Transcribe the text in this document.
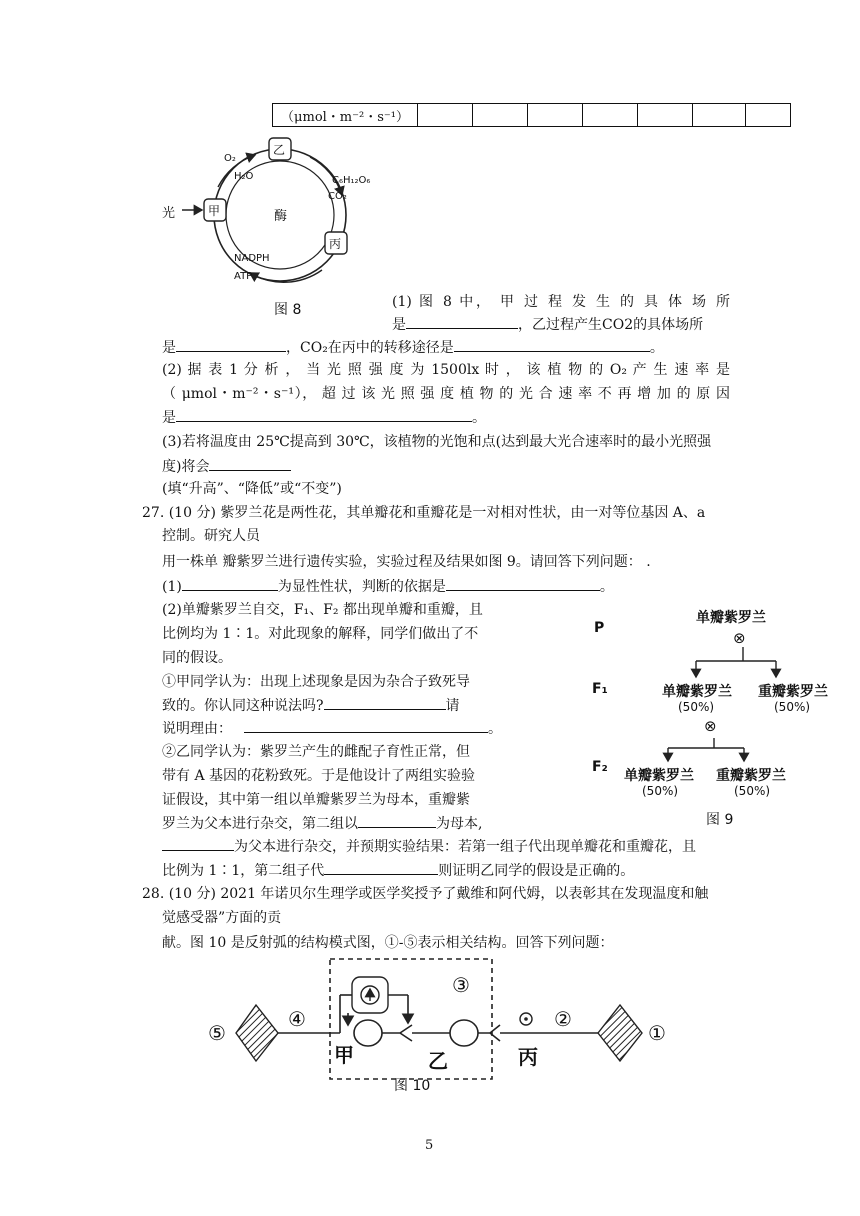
（μmol・m⁻²・s⁻¹）							
光	甲
乙
丙
酶
O₂
H₂O	C₆H₁₂O₆
CO₂
NADPH
ATP
图 8	(1) 图 8 中， 甲 过 程 发 生 的 具 体 场 所
是	，乙过程产生CO2的具体场所
是	，CO₂在丙中的转移途径是	。
(2) 据 表 1 分 析 ， 当 光 照 强 度 为 1500lx 时 ， 该 植 物 的 O₂ 产 生 速 率 是
（ μmol・m⁻²・s⁻¹）， 超 过 该 光 照 强 度 植 物 的 光 合 速 率 不 再 增 加 的 原 因
是	。
(3)若将温度由 25℃提高到 30℃，该植物的光饱和点(达到最大光合速率时的最小光照强
度)将会
(填“升高”、“降低”或“不变”)
27. (10 分) 紫罗兰花是两性花，其单瓣花和重瓣花是一对相对性状，由一对等位基因 A、a
控制。研究人员
用一株单 瓣紫罗兰进行遗传实验，实验过程及结果如图 9。请回答下列问题： .
(1)	为显性性状，判断的依据是	。
(2)单瓣紫罗兰自交，F₁、F₂ 都出现单瓣和重瓣，且
比例均为 1∶1。对此现象的解释，同学们做出了不
同的假设。
①甲同学认为：出现上述现象是因为杂合子致死导
致的。你认同这种说法吗?	请
说明理由：	。
②乙同学认为：紫罗兰产生的雌配子育性正常，但
带有 A 基因的花粉致死。于是他设计了两组实验验
证假设，其中第一组以单瓣紫罗兰为母本，重瓣紫
罗兰为父本进行杂交，第二组以	为母本,
为父本进行杂交，并预期实验结果：若第一组子代出现单瓣花和重瓣花，且
比例为 1∶1，第二组子代	则证明乙同学的假设是正确的。
P
单瓣紫罗兰
⊗
F₁	单瓣紫罗兰 重瓣紫罗兰
(50%)	(50%)
⊗
F₂
单瓣紫罗兰 重瓣紫罗兰
(50%)	(50%)
图 9
28. (10 分) 2021 年诺贝尔生理学或医学奖授予了戴维和阿代姆，以表彰其在发现温度和触
觉感受器”方面的贡
献。图 10 是反射弧的结构模式图，①-⑤表示相关结构。回答下列问题：
⑤
④
③
②
①
甲	乙	丙
图 10
5
